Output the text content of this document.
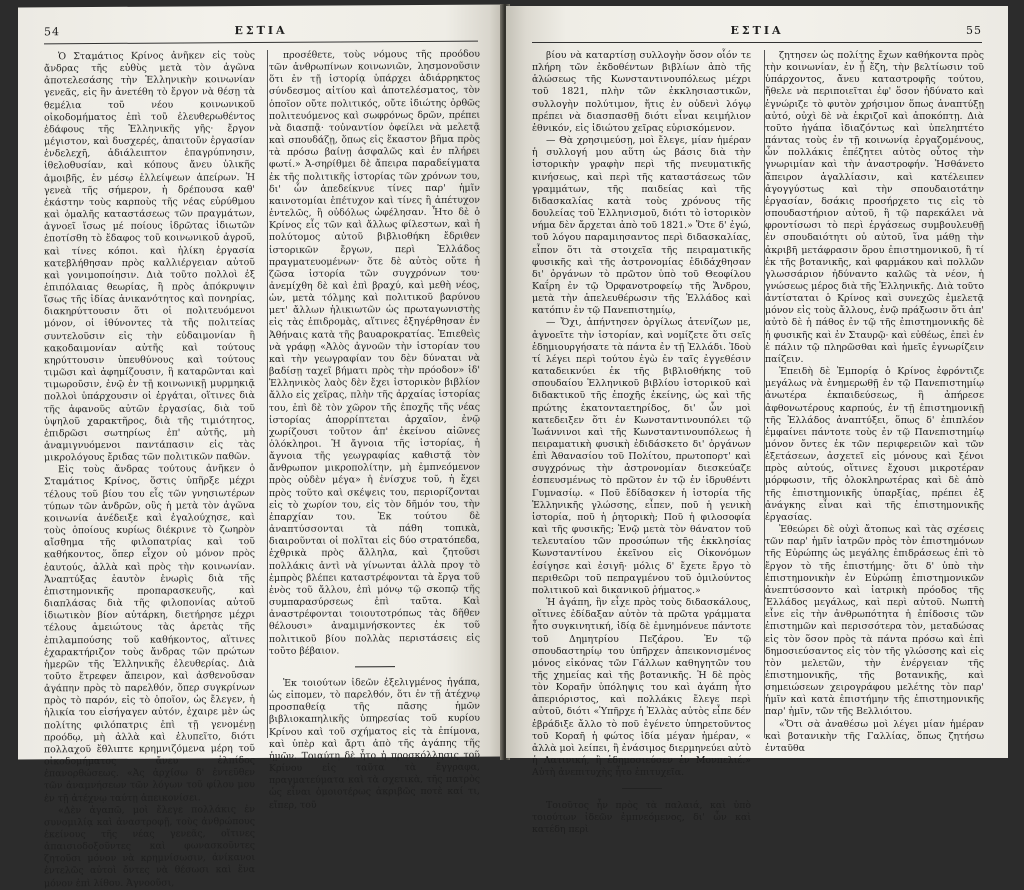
54	ΕΣΤΙΑ

Ὁ Σταμάτιος Κρίνος ἀνῆκεν εἰς τοὺς ἄνδρας τῆς εὐθὺς μετὰ τὸν ἀγῶνα ἀποτελεσάσης τὴν Ἑλληνικὴν κοινωνίαν γενεᾶς, εἰς ἣν ἀνετέθη τὸ ἔργον νὰ θέσῃ τὰ θεμέλια τοῦ νέου κοινωνικοῦ οἰκοδομήματος ἐπὶ τοῦ ἐλευθερωθέντος ἐδάφους τῆς Ἑλληνικῆς γῆς· ἔργον μέγιστον, καὶ δυσχερές, ἀπαιτοῦν ἐργασίαν ἐνδελεχῆ, ἀδιάλειπτον ἐπαγρύπνησιν, ἰθελοθυσίαν, καὶ κόπους ἄνευ ὑλικῆς ἀμοιβῆς, ἐν μέσῳ ἐλλείψεων ἀπείρων. Ἡ γενεὰ τῆς σήμερον, ἡ δρέπουσα καθ' ἑκάστην τοὺς καρποὺς τῆς νέας εὐρύθμου καὶ ὁμαλῆς καταστάσεως τῶν πραγμάτων, ἀγνοεῖ ἴσως μέ ποίους ἱδρῶτας ἰδιωτῶν ἐποτίσθη τὸ ἔδαφος τοῦ κοινωνικοῦ ἀγροῦ, καὶ τίνες κόποι. καὶ ἡλίκη ἐργασία κατεβλήθησαν πρὸς καλλιέργειαν αὐτοῦ καὶ γονιμοποίησιν. Διὰ τοῦτο πολλοὶ ἐξ ἐπιπόλαιας θεωρίας, ἢ πρὸς ἀπόκρυψιν ἴσως τῆς ἰδίας ἀνικανότητος καὶ πονηρίας, διακηρύττουσιν ὅτι οἱ πολιτευόμενοι μόνον, οἱ ἰθύνοντες τὰ τῆς πολιτείας συντελοῦσιν εἰς τὴν εὐδαιμονίαν ἢ κακοδαιμονίαν αὐτῆς καὶ τούτους κηρύττουσιν ὑπευθύνους καὶ τούτους τιμῶσι καὶ ἀφημίζουσιν, ἢ καταρῶνται καὶ τιμωροῦσιν, ἐνῷ ἐν τῇ κοινωνικῇ μυρμηκιᾷ πολλοὶ ὑπάρχουσιν οἱ ἐργάται, οἵτινες διὰ τῆς ἀφανοῦς αὐτῶν ἐργασίας, διὰ τοῦ ὑψηλοῦ χαρακτῆρος, διὰ τῆς τιμιότητος, ἐπιδρῶσι σωτηρίως ἐπ' αὐτῆς, μὴ ἀναμιγνυόμενοι παντάπασιν εἰς τὰς μικρολόγους ἔριδας τῶν πολιτικῶν παθῶν.

Εἰς τοὺς ἄνδρας τούτους ἀνῆκεν ὁ Σταμάτιος Κρίνος, ὅστις ὑπῆρξε μέχρι τέλους τοῦ βίου του εἷς τῶν γνησιωτέρων τύπων τῶν ἀνδρῶν, οὓς ἡ μετὰ τὸν ἀγῶνα κοινωνία ἀνέδειξε καὶ ἐγαλούχησε, καὶ τοὺς ὁποίους κυρίως διέκρινε τὸ ζωηρὸν αἴσθημα τῆς φιλοπατρίας καὶ τοῦ καθήκοντος, ὅπερ εἶχον οὐ μόνον πρὸς ἑαυτούς, ἀλλὰ καὶ πρὸς τὴν κοινωνίαν. Ἀναπτύξας ἑαυτὸν ἐνωρὶς διὰ τῆς ἐπιστημονικῆς προπαρασκευῆς, καὶ διαπλάσας διὰ τῆς φιλοπονίας αὐτοῦ ἰδιωτικὸν βίον αὐτάρκη, διετήρησε μέχρι τέλους ἀμειώτους τὰς ἀρετὰς τῆς ἐπιλαμπούσης τοῦ καθήκοντος, αἵτινες ἐχαρακτήριζον τοὺς ἄνδρας τῶν πρώτων ἡμερῶν τῆς Ἑλληνικῆς ἐλευθερίας. Διὰ τοῦτο ἔτρεφεν ἄπειρον, καὶ ἀσθενοῦσαν ἀγάπην πρὸς τὸ παρελθόν, ὅπερ συγκρίνων πρὸς τὸ παρόν, εἰς τὸ ὁποῖον, ὡς ἔλεγεν, ἡ ἡλικία του εἰσήγαγεν αὐτόν, ἐχαιρε μὲν ὡς πολίτης φιλόπατρις ἐπὶ τῇ γενομένῃ προόδῳ, μὴ ἀλλὰ καὶ ἐλυπεῖτο, διότι πολλαχοῦ ἔθλιπτε κρημνιζόμενα μέρη τοῦ οἰκοδομήματος ἄνευ ἐλπίδος ἐπανορθώσεως. «Ἀς ἀρχίσω δ' ἐντεῦθεν τῶν ἀναμνήσεων τῶν λόγων τοῦ φίλου μου ἐν τῇ ἀτέχνῳ ταύτῃ ἀπεικονίσει.

«Δὲν ἀγαπῶ, μοὶ ἔλεγε πολλάκις ἐν συνομιλίᾳ καὶ ἀναστροφῇ, τοὺς ἀνθρώπους ἐκείνους τῆς νέας γενεᾶς, οἵτινες ἀπαισιοδοξοῦντες καὶ φωνασκοῦντες ζητοῦσι μόνον νὰ κρημνίσωσιν, ἀνίκανοι ἐντελῶς αὐτοὶ ὄντες νὰ θέσωσι καὶ ἕνα μόνον ἐπὶ λίθου. Ἀγνοοῦσι,

προσέθετε, τοὺς νόμους τῆς προόδου τῶν ἀνθρωπίνων κοινωνιῶν, λησμονοῦσιν ὅτι ἐν τῇ ἱστορίᾳ ὑπάρχει ἀδιάρρηκτος σύνδεσμος αἰτίου καὶ ἀποτελέσματος, τὸν ὁποῖον οὔτε πολιτικός, οὔτε ἰδιώτης ὀρθῶς πολιτευόμενος καὶ σωφρόνως δρῶν, πρέπει νὰ διασπᾷ· τοὐναντίον ὀφείλει νὰ μελετᾷ καὶ σπουδάζῃ, ὅπως εἰς ἕκαστον βῆμα πρὸς τὰ πρόσω βαίνῃ ἀσφαλῶς καὶ ἐν πλήρει φωτί.» Ἀ-σηρίθμει δὲ ἄπειρα παραδείγματα ἐκ τῆς πολιτικῆς ἱστορίας τῶν χρόνων του, δι' ὧν ἀπεδείκνυε τίνες παρ' ἡμῖν καινοτομίαι ἐπέτυχον καὶ τίνες ἢ ἀπέτυχον ἐντελῶς, ἢ οὐδόλως ὠφέλησαν. Ἦτο δὲ ὁ Κρίνος εἷς τῶν καὶ ἄλλως φίλεστων, καὶ ἡ πολύτομος αὐτοῦ βιβλιοθήκη ἔδριθεν ἱστορικῶν ἔργων, περὶ Ἑλλάδος πραγματευομένων· ὅτε δὲ αὐτὸς οὔτε ἡ ζῶσα ἱστορία τῶν συγχρόνων του· ἀνεμίχθη δὲ καὶ ἐπὶ βραχύ, καὶ μεθὴ νέος, ὡν, μετὰ τόλμης καὶ πολιτικοῦ βαρύνου μετ' ἄλλων ἡλικιωτῶν ὡς πρωταγωνιστὴς εἰς τὰς ἐπιδρομὰς, αἵτινες ἐξηγέρθησαν ἐν Ἀθήναις κατὰ τῆς βαυαροκρατίας. Ἐπιεθεὶς νὰ γράφῃ «Ἀλὸς ἀγνοῶν τὴν ἱστορίαν του καὶ τὴν γεωγραφίαν του δὲν δύναται νὰ βαδίσῃ ταχεῖ βήματι πρὸς τὴν πρόοδον» ἰδ' Ἑλληνικὸς λαὸς δὲν ἔχει ἱστορικὸν βιβλίον ἄλλο εἰς χεῖρας, πλὴν τῆς ἀρχαίας ἱστορίας του, ἐπὶ δὲ τὸν χῶρον τῆς ἐποχῆς τῆς νέας ἱστορίας ἀπορρίπτεται ἀρχαῖον, ἐνῷ χωρίζουσι τοῦτον ἀπ' ἐκείνου αἰῶνες ὁλόκληροι. Ἡ ἄγνοια τῆς ἱστορίας, ἡ ἄγνοια τῆς γεωγραφίας καθιστᾷ τὸν ἄνθρωπον μικροπολίτην, μὴ ἐμπνεόμενον πρὸς οὐδὲν μέγα» ἡ ἐνίσχυε τοῦ, ἡ ἔχει πρὸς τοῦτο καὶ σκέψεις του, περιορίζονται εἰς τὸ χωρίον του, εἰς τὸν δῆμόν του, τὴν ἐπαρχίαν του. Ἐκ τούτου δὲ ἀναπτύσσονται τὰ πάθη τοπικὰ, διαιροῦνται οἱ πολῖται εἰς δύο στρατόπεδα, ἐχθρικὰ πρὸς ἄλληλα, καὶ ζητοῦσι πολλάκις ἀντὶ νὰ γίνωνται ἀλλὰ προγ τὸ ἐμπρὸς βλέπει καταστρέφονται τὰ ἔργα τοῦ ἑνὸς τοῦ ἄλλου, ἐπὶ μόνῳ τῷ σκοπῷ τῆς συμπαρασύρσεως ἐπὶ ταῦτα. Καὶ ἀναστρέφονται τοιουτοτρόπως τὰς δῆθεν θέλουσι» ἀναμιμνήσκοντες ἐκ τοῦ πολιτικοῦ βίου πολλὰς περιστάσεις εἰς τοῦτο βέβαιον.

Ἐκ τοιούτων ἰδεῶν ἐξελιγμένος ἠγάπα, ὡς εἰπομεν, τὸ παρελθόν, ὅτι ἐν τῇ ἀτέχνῳ προσπαθείᾳ τῆς πᾶσης ἡμῶν βιβλιοκαπηλικῆς ὑπηρεσίας τοῦ κυρίου Κρίνου καὶ τοῦ σχήματος εἰς τὰ ἐπίμονα, καὶ ὑπὲρ καὶ ἄρτι ἀπὸ τῆς ἀγάπης τῆς ἡμῶν. Τοιαύτη δὲ ἦτο ἡ προσκόλλησις τοῦ Κρίνου εἰς ταῦτα τὰ ἔγγραφα, πραγματεύματα καὶ τὰ σχετικὰ, τῆς πατρὸς ὡς εἶναι ὁμοιοτέρως ἀκριβῶς ποτὲ καί τι, εἴπερ, τοῦ

ΕΣΤΙΑ	55

βίου νὰ καταρτίσῃ συλλογὴν ὅσον οἷόν τε πλήρη τῶν ἐκδοθέντων βιβλίων ἀπὸ τῆς ἁλώσεως τῆς Κωνσταντινουπόλεως μέχρι τοῦ 1821, πλὴν τῶν ἐκκλησιαστικῶν, συλλογὴν πολύτιμον, ἥτις ἐν οὐδενὶ λόγῳ πρέπει νὰ διασπασθῇ διότι εἶναι κειμήλιον ἐθνικόν, εἰς ἰδιώτου χεῖρας εὑρισκόμενον.

— Θὰ χρησιμεύσῃ, μοὶ ἔλεγε, μίαν ἡμέραν ἡ συλλογή μου αὕτη ὡς βάσις διὰ τὴν ἱστορικὴν γραφὴν περὶ τῆς πνευματικῆς κινήσεως, καὶ περὶ τῆς καταστάσεως τῶν γραμμάτων, τῆς παιδείας καὶ τῆς διδασκαλίας κατὰ τοὺς χρόνους τῆς δουλείας τοῦ Ἑλληνισμοῦ, διότι τὸ ἱστορικὸν νήμα δὲν ἄρχεται ἀπὸ τοῦ 1821.» Ὅτε δ' ἐγώ, τοῦ λόγου παραμιησαντος περὶ διδασκαλίας, εἶπον ὅτι τὰ στοιχεῖα τῆς πειραματικῆς φυσικῆς καὶ τῆς ἀστρονομίας ἐδιδάχθησαν δι' ὀργάνων τὸ πρῶτον ὑπὸ τοῦ Θεοφίλου Καΐρη ἐν τῷ Ὀρφανοτροφείῳ τῆς Ἄνδρου, μετὰ τὴν ἀπελευθέρωσιν τῆς Ἑλλάδος καὶ κατόπιν ἐν τῷ Πανεπιστημίῳ,

— Ὄχι, ἀπήντησεν ὀργίλως ἀτενίζων με, ἀγνοεῖτε τὴν ἱστορίαν, καὶ νομίζετε ὅτι σεῖς ἐδημιουργήσατε τὰ πάντα ἐν τῇ Ἑλλάδι. Ἰδοὺ τί λέγει περὶ τούτου ἐγὼ ἐν ταῖς ἐγγεθέσιν καταδεικνύει ἐκ τῆς βιβλιοθήκης τοῦ σπουδαίου Ἑλληνικοῦ βιβλίου ἱστορικοῦ καὶ διδακτικοῦ τῆς ἐποχῆς ἐκείνης, ὡς καὶ τῆς πρώτης ἐκατονταετηρίδος, δι' ὧν μοὶ κατεδειξεν ὅτι ἐν Κωνσταντινουπόλει τῷ Ἰωάννινοι καὶ τῆς Κωνσταντινουπόλεως ἡ πειραματικὴ φυσικὴ ἐδιδάσκετο δι' ὀργάνων ἐπὶ Ἀθανασίου τοῦ Πολίτου, πρωτοπορτ' καὶ συγχρόνως τὴν ἀστρονομίαν διεσκεύαζε ἐσπευσμένως τὸ πρῶτον ἐν τῷ ἐν ἰδρυθέντι Γυμνασίῳ. « Ποῦ ἔδίδασκεν ἡ ἱστορία τῆς Ἑλληνικῆς γλώσσης, εἶπεν, ποῦ ἡ γενικὴ ἱστορία, ποῦ ἡ ῥητορικὴ; Ποῦ ἡ φιλοσοφία καὶ τῆς φυσικῆς; Ἐνῷ μετὰ τὸν θάνατον τοῦ τελευταίου τῶν προσώπων τῆς ἐκκλησίας Κωνσταντίνου ἐκεῖνου εἰς Οἰκονόμων ἐσίγησε καὶ ἐσιγῆ· μόλις δ' ἔχετε ἔργο τὸ περιθεῶρι τοῦ πεπραγμένου τοῦ ὁμιλούντος πολιτικοῦ καὶ δικανικοῦ ῥήματος.»

Ἡ ἀγάπη, ἣν εἶχε πρὸς τοὺς διδασκάλους, οἵτινες ἐδίδαξαν αὐτὸν τὰ πρῶτα γράμματα ἦτο συγκινητική, ἰδίᾳ δὲ ἐμνημόνευε πάντοτε τοῦ Δημητρίου Πεζάρου. Ἐν τῷ σπουδαστηρίῳ του ὑπῆρχεν ἀπεικονισμένος μόνος εἰκόνας τῶν Γάλλων καθηγητῶν του τῆς χημείας καὶ τῆς βοτανικῆς. Ἡ δὲ πρὸς τὸν Κοραῆν ὑπόληψις του καὶ ἀγάπη ἦτο ἀπεριόριστος, καὶ πολλάκις ἔλεγε περὶ αὐτοῦ, διότι «Ὑπῆρχε ἡ Ἑλλὰς αὐτὸς εἶπε δέν ἐβράδιξε ἄλλο τὸ ποῦ ἐγένετο ὑπηρετοῦντος τοῦ Κοραῆ ἡ φώτος ἰδία μέγαν ἡμέραν, « ἀλλὰ μοὶ λείπει, ἢ ἐνάσιμος διερμηνεύει αὐτὸ ἡ Λατινική, ἢ ἐδημοσιεύσεν ἐν Μονπελιέ.» Αὐτὴ ἀνεπιτυχὴς ἦτο ἐπιτυχεῖα.

Τοιοῦτος ἦν πρὸς τὰ παλαιά, καὶ ὑπὸ τοιούτων ἰδεῶν ἐμπνεόμενος, δι' ὧν καὶ κατέδη περὶ

ζητησεν ὡς πολίτης ἔχων καθήκοντα πρὸς τὴν κοινωνίαν, ἐν ᾗ ἔζη, τὴν βελτίωσιν τοῦ ὑπάρχοντος, ἄνευ καταστροφῆς τούτου, ἤθελε νὰ περιποιεῖται ἐφ' ὅσον ἠδύνατο καὶ ἐγνώριζε τὸ φυτὸν χρήσιμον ὅπως ἀναπτύξῃ αὐτό, οὐχὶ δὲ νὰ ἐκριζοῖ καὶ ἀποκόπτῃ. Διὰ τοῦτο ἠγάπα ἰδιαζόντως καὶ ὑπεληπτέτο πάντας τοὺς ἐν τῇ κοινωνίᾳ ἐργαζομένους, ὧν πολλάκις ἐπέζητει αὐτὸς οὗτος τὴν γνωριμίαν καὶ τὴν ἀναστροφήν. Ἠσθάνετο ἄπειρον ἀγαλλίασιν, καὶ κατέλειπεν ἀγογγύστως καὶ τὴν σπουδαιοτάτην ἐργασίαν, δσάκις προσήρχετο τις εἰς τὸ σπουδαστήριον αὐτοῦ, ἢ τῷ παρεκάλει νὰ φροντίσωσι τὸ περὶ ἐργάσεως συμβουλευθῇ ἐν σπουδαιότητι οὐ αὐτοῦ, ἵνα μάθῃ τὴν ἀκριβῆ μετάφρασιν ὅρου ἐπιστημονικοῦ, ἢ τί ἐκ τῆς βοτανικῆς, καὶ φαρμάκου καὶ πολλῶν γλωσσάριον ἠδύναντο καλῶς τὰ νέον, ἡ γνώσεως μέρος διὰ τῆς Ἑλληνικῆς. Διὰ τοῦτο ἀντίσταται ὁ Κρίνος καὶ συνεχῶς ἐμελετᾷ μόνον εἰς τοὺς ἄλλους, ἐνῷ πράξωσιν ὅτι ἀπ' αὐτὸ δὲ ἡ πάθος ἐν τῷ τῆς ἐπιστημονικῆς δὲ ἡ φυσικῆς καὶ ἐν Σταυρῷ· καὶ εὐθέως, ἐπεὶ ἑν ἐ πάλιν τῷ πληρῶσθαι καὶ ἡμεῖς ἐγνωρίζειν παίζειν.

Ἐπειδὴ δὲ Ἐμπορίᾳ ὁ Κρίνος ἐφρόντιζε μεγάλως νὰ ἐνημερωθῇ ἐν τῷ Πανεπιστημίῳ ἀνωτέρα ἐκπαιδεύσεως, ἣ ἀπήρεσε ἀφθονωτέρους καρπούς, ἐν τῇ ἐπιστημονικῇ τῆς Ἑλλάδος ἀναπτύξει, ὅπως δ' ἐπιπλέον ἐμφαίνει πάντοτε τοὺς ἐν τῷ Πανεπιστημίῳ μόνον ὄντες ἐκ τῶν περιφερειῶν καὶ τῶν ἐξετάσεων, ἀσχετεῖ εἰς μόνους καὶ ξένοι πρὸς αὐτούς, οἵτινες ἔχουσι μικροτέραν μόρφωσιν, τῆς ὁλοκληρωτέρας καὶ δὲ ἀπὸ τῆς ἐπιστημονικῆς ὑπαρξίας, πρέπει ἐξ ἀνάγκης εἶναι καὶ τῆς ἐπιστημονικῆς ἐργασίας.

Ἐθεώρει δὲ οὐχὶ ἄτοπως καὶ τὰς σχέσεις τῶν παρ' ἡμῖν ἰατρῶν πρὸς τὸν ἐπιστημόνων τῆς Εὐρώπης ὡς μεγάλης ἐπιδράσεως ἐπὶ τὸ ἔργον τὸ τῆς ἐπιστήμης· ὅτι δ' ὑπὸ τὴν ἐπιστημονικὴν ἐν Εὐρώπῃ ἐπιστημονικῶν ἀνεπτύσσοντο καὶ ἰατρικὴ πρόοδος τῆς Ἑλλάδος μεγάλως, καὶ περὶ αὐτοῦ. Νωπτὴ εἶνε εἰς τὴν ἀνθρωπότητα ἡ ἐπίδοσις τῶν ἐπιστημῶν καὶ περισσότερα τὸν, μεταδώσας εἰς τὸν ὅσον πρὸς τὰ πάντα πρόσω καὶ ἐπὶ δημοσιεύσαντος εἰς τὸν τῆς γλώσσης καὶ εἰς τὸν μελετῶν, τὴν ἐνέργειαν τῆς ἐπιστημονικῆς, τῆς βοτανικῆς, καὶ σημειώσεων χειρογράφου μελέτης τὸν παρ' ἡμῖν καὶ κατὰ ἐπιστήμην τῆς ἐπιστημονικῆς παρ' ἡμῖν, τῶν τῆς Βελλιόιτου.

«Ὅτι σὰ ἀναθέσω μοὶ λέγει μίαν ἡμέραν καὶ βοτανικὴν τῆς Γαλλίας, ὅπως ζητήσω ἐνταῦθα
